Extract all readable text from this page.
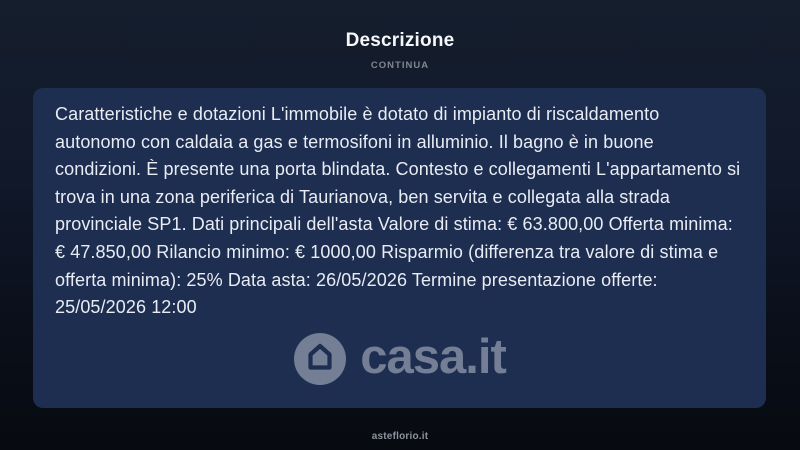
Descrizione
CONTINUA
Caratteristiche e dotazioni L'immobile è dotato di impianto di riscaldamento autonomo con caldaia a gas e termosifoni in alluminio. Il bagno è in buone condizioni. È presente una porta blindata. Contesto e collegamenti L'appartamento si trova in una zona periferica di Taurianova, ben servita e collegata alla strada provinciale SP1. Dati principali dell'asta Valore di stima: € 63.800,00 Offerta minima: € 47.850,00 Rilancio minimo: € 1000,00 Risparmio (differenza tra valore di stima e offerta minima): 25% Data asta: 26/05/2026 Termine presentazione offerte: 25/05/2026 12:00
casa.it
asteflorio.it
